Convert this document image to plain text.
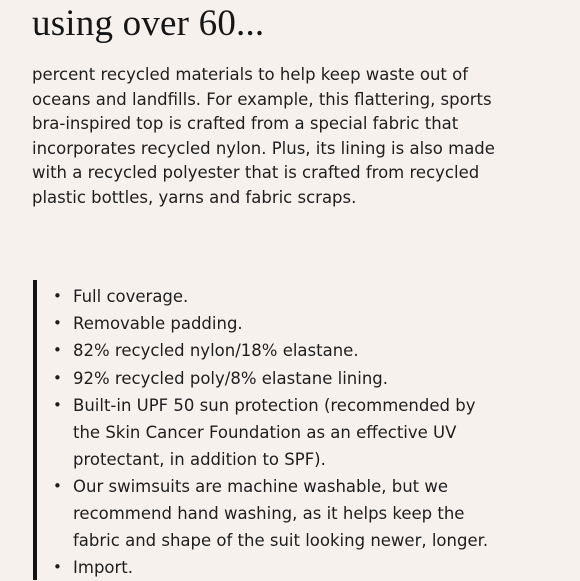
using over 60...

percent recycled materials to help keep waste out of
oceans and landfills. For example, this flattering, sports
bra-inspired top is crafted from a special fabric that
incorporates recycled nylon. Plus, its lining is also made
with a recycled polyester that is crafted from recycled
plastic bottles, yarns and fabric scraps.

• Full coverage.
• Removable padding.
• 82% recycled nylon/18% elastane.
• 92% recycled poly/8% elastane lining.
• Built-in UPF 50 sun protection (recommended by
the Skin Cancer Foundation as an effective UV
protectant, in addition to SPF).
• Our swimsuits are machine washable, but we
recommend hand washing, as it helps keep the
fabric and shape of the suit looking newer, longer.
• Import.
